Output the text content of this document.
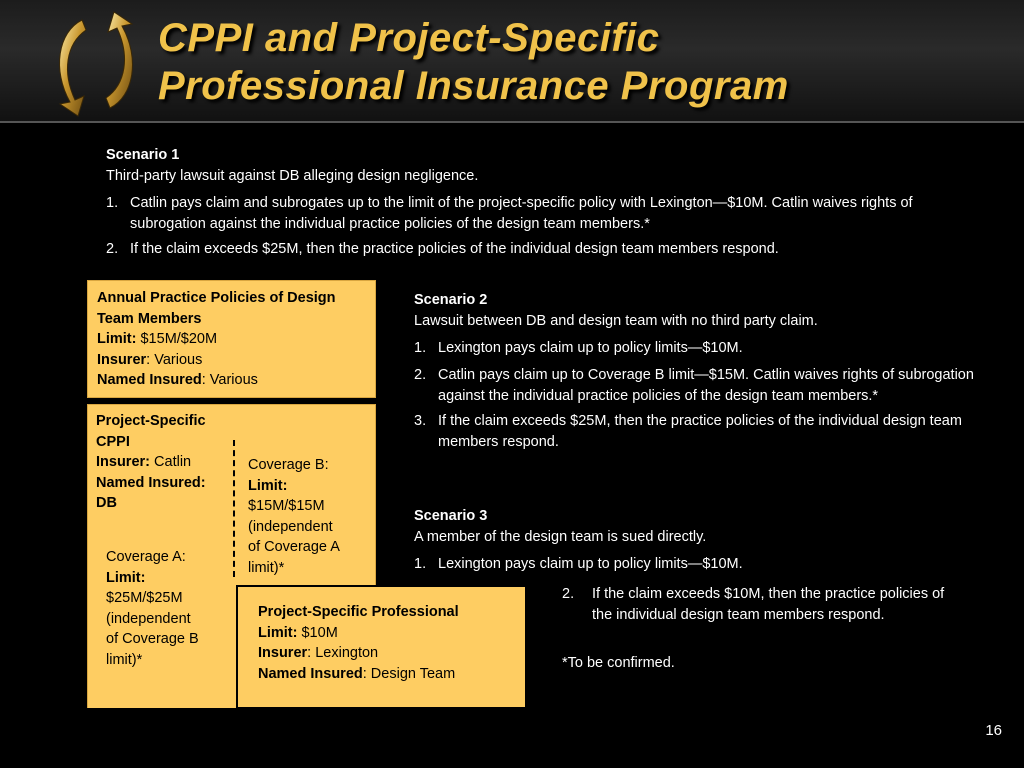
CPPI and Project-Specific
Professional Insurance Program
Scenario 1
Third-party lawsuit against DB alleging design negligence.
1. Catlin pays claim and subrogates up to the limit of the project-specific policy with Lexington—$10M. Catlin waives rights of subrogation against the individual practice policies of the design team members.*
2. If the claim exceeds $25M, then the practice policies of the individual design team members respond.
Scenario 2
Lawsuit between DB and design team with no third party claim.
1. Lexington pays claim up to policy limits—$10M.
2. Catlin pays claim up to Coverage B limit—$15M. Catlin waives rights of subrogation against the individual practice policies of the design team members.*
3. If the claim exceeds $25M, then the practice policies of the individual design team members respond.
Scenario 3
A member of the design team is sued directly.
1. Lexington pays claim up to policy limits—$10M.
2. If the claim exceeds $10M, then the practice policies of the individual design team members respond.
*To be confirmed.
Annual Practice Policies of Design Team Members
Limit: $15M/$20M
Insurer: Various
Named Insured: Various
Project-Specific CPPI
Insurer: Catlin
Named Insured:
DB
Coverage B:
Limit:
$15M/$15M
(independent
of Coverage A
limit)*
Coverage A:
Limit:
$25M/$25M
(independent
of Coverage B
limit)*
Project-Specific Professional
Limit: $10M
Insurer: Lexington
Named Insured: Design Team
16
